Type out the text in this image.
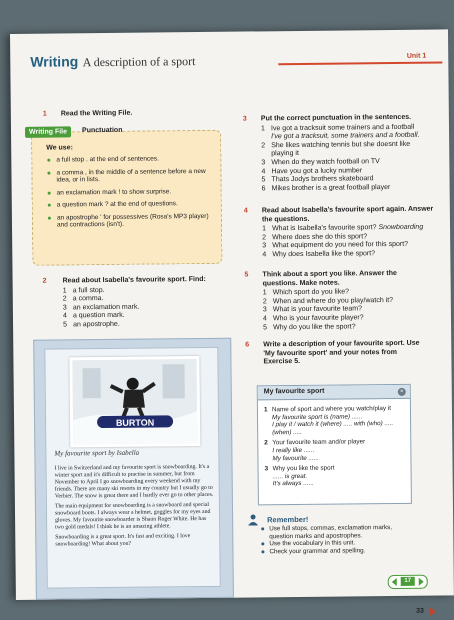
Writing A description of a sport	Unit 1
1 Read the Writing File.
Writing File	Punctuation
We use:
a full stop . at the end of sentences.
a comma , in the middle of a sentence before a new idea, or in lists.
an exclamation mark ! to show surprise.
a question mark ? at the end of questions.
an apostrophe ' for possessives (Rosa's MP3 player) and contractions (isn't).
2 Read about Isabella's favourite sport. Find:
1 a full stop.
2 a comma.
3 an exclamation mark.
4 a question mark.
5 an apostrophe.
BURTON
My favourite sport by Isabella

I live in Switzerland and my favourite sport is snowboarding. It's a winter sport and it's difficult to practise in summer, but from November to April I go snowboarding every weekend with my friends. There are many ski resorts in my country but I usually go to Verbier. The snow is great there and I hardly ever go to other places.

The main equipment for snowboarding is a snowboard and special snowboard boots. I always wear a helmet, goggles for my eyes and gloves. My favourite snowboarder is Shaun Roger White. He has two gold medals! I think he is an amazing athlete.

Snowboarding is a great sport. It's fast and exciting. I love snowboarding! What about you?

3 Put the correct punctuation in the sentences.
1 Ive got a tracksuit some trainers and a football
I've got a tracksuit, some trainers and a football.
2 She likes watching tennis but she doesnt like playing it
3 When do they watch football on TV
4 Have you got a lucky number
5 Thats Jodys brothers skateboard
6 Mikes brother is a great football player
4 Read about Isabella's favourite sport again. Answer the questions.
1 What is Isabella's favourite sport? Snowboarding
2 Where does she do this sport?
3 What equipment do you need for this sport?
4 Why does Isabella like the sport?
5 Think about a sport you like. Answer the questions. Make notes.
1 Which sport do you like?
2 When and where do you play/watch it?
3 What is your favourite team?
4 Who is your favourite player?
5 Why do you like the sport?
6 Write a description of your favourite sport. Use 'My favourite sport' and your notes from Exercise 5.
My favourite sport	×
1 Name of sport and where you watch/play it
My favourite sport is (name) ......
I play it / watch it (where) ..... with (who) ..... (when) .....
2 Your favourite team and/or player
I really like ......
My favourite ......
3 Why you like the sport
...... is great.
It's always ......
Remember!
Use full stops, commas, exclamation marks, question marks and apostrophes.
Use the vocabulary in this unit.
Check your grammar and spelling.
17
33
